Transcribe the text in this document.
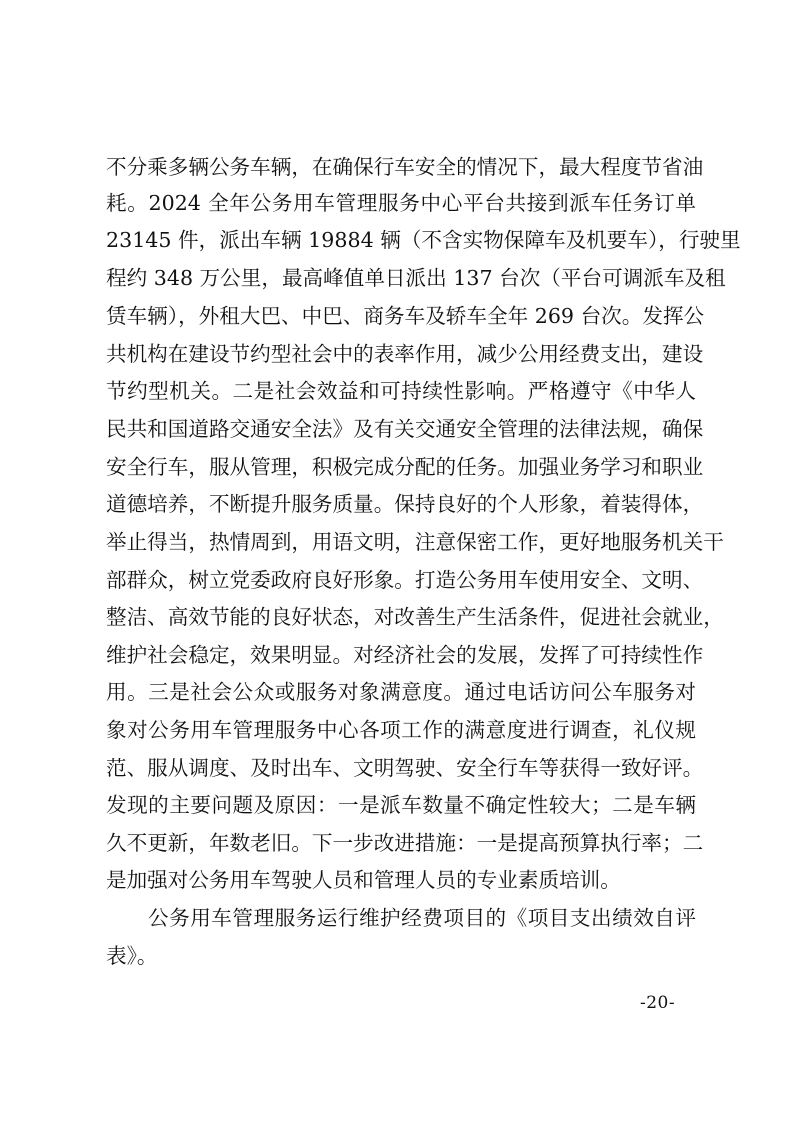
不分乘多辆公务车辆，在确保行车安全的情况下，最大程度节省油
耗。2024 全年公务用车管理服务中心平台共接到派车任务订单
23145 件，派出车辆 19884 辆（不含实物保障车及机要车），行驶里
程约 348 万公里，最高峰值单日派出 137 台次（平台可调派车及租
赁车辆），外租大巴、中巴、商务车及轿车全年 269 台次。发挥公
共机构在建设节约型社会中的表率作用，减少公用经费支出，建设
节约型机关。二是社会效益和可持续性影响。严格遵守《中华人
民共和国道路交通安全法》及有关交通安全管理的法律法规，确保
安全行车，服从管理，积极完成分配的任务。加强业务学习和职业
道德培养，不断提升服务质量。保持良好的个人形象，着装得体，
举止得当，热情周到，用语文明，注意保密工作，更好地服务机关干
部群众，树立党委政府良好形象。打造公务用车使用安全、文明、
整洁、高效节能的良好状态，对改善生产生活条件，促进社会就业，
维护社会稳定，效果明显。对经济社会的发展，发挥了可持续性作
用。三是社会公众或服务对象满意度。通过电话访问公车服务对
象对公务用车管理服务中心各项工作的满意度进行调查，礼仪规
范、服从调度、及时出车、文明驾驶、安全行车等获得一致好评。
发现的主要问题及原因：一是派车数量不确定性较大；二是车辆
久不更新，年数老旧。下一步改进措施：一是提高预算执行率；二
是加强对公务用车驾驶人员和管理人员的专业素质培训。
公务用车管理服务运行维护经费项目的《项目支出绩效自评
表》。
-20-
